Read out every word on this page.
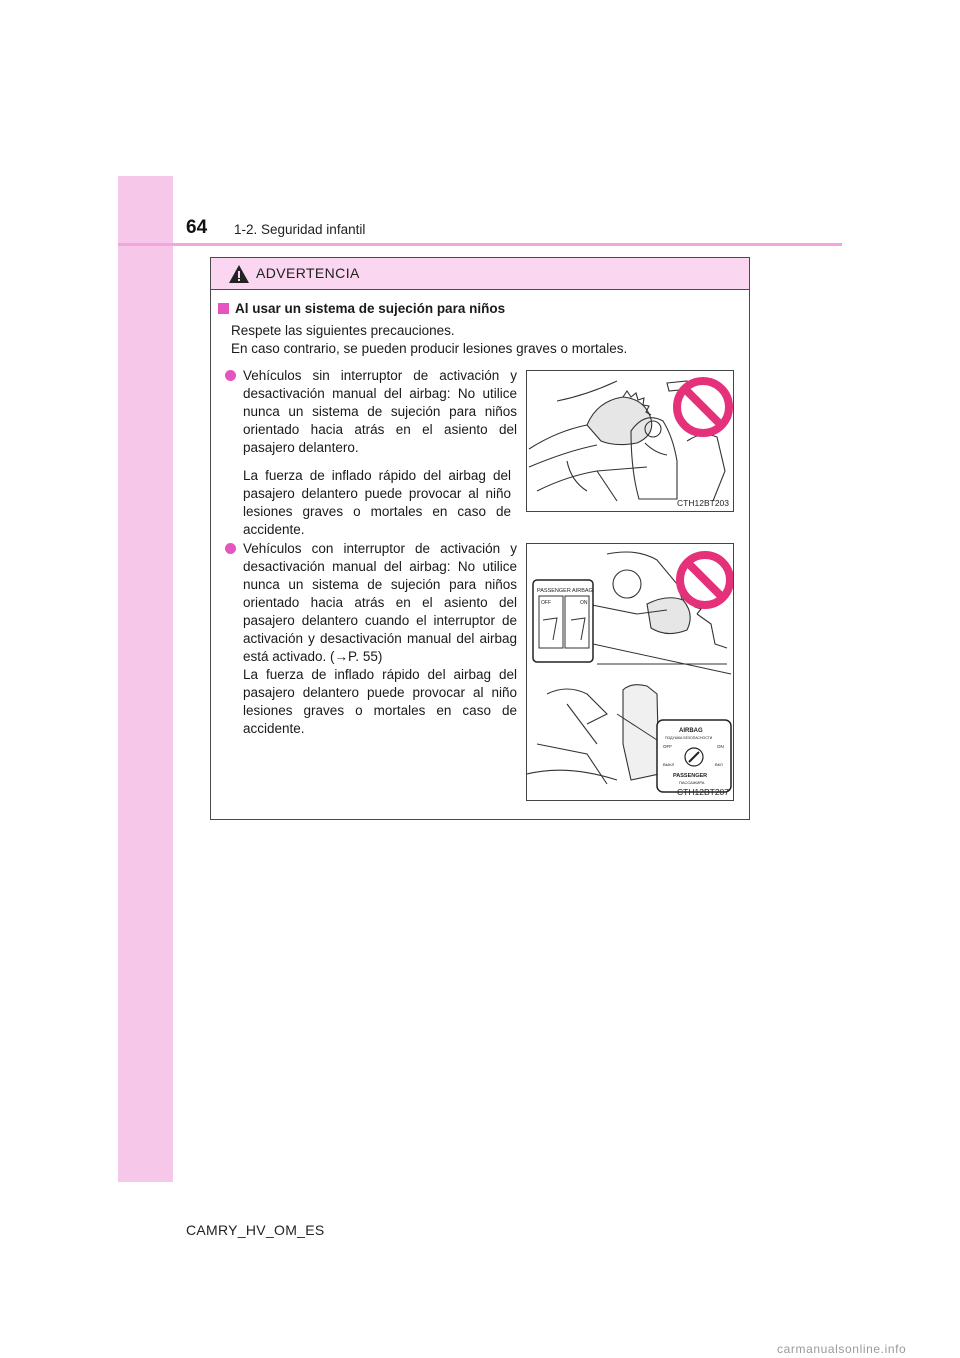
64 1-2. Seguridad infantil
ADVERTENCIA
Al usar un sistema de sujeción para niños
Respete las siguientes precauciones.
En caso contrario, se pueden producir lesiones graves o mortales.
Vehículos sin interruptor de activación y desactivación manual del airbag: No utilice nunca un sistema de sujeción para niños orientado hacia atrás en el asiento del pasajero delantero.
La fuerza de inflado rápido del airbag del pasajero delantero puede provocar al niño lesiones graves o mortales en caso de accidente.
CTH12BT203
Vehículos con interruptor de activación y desactivación manual del airbag: No utilice nunca un sistema de sujeción para niños orientado hacia atrás en el asiento del pasajero delantero cuando el interruptor de activación y desactivación manual del airbag está activado. (→P. 55)
La fuerza de inflado rápido del airbag del pasajero delantero puede provocar al niño lesiones graves o mortales en caso de accidente.
PASSENGER AIRBAG
OFF	ON
AIRBAG
ПОДУШКА БЕЗОПАСНОСТИ
OFF	ON
ВЫКЛ	ВКЛ
PASSENGER
ПАССАЖИРА
CTH12BT207
CAMRY_HV_OM_ES
carmanualsonline.info
